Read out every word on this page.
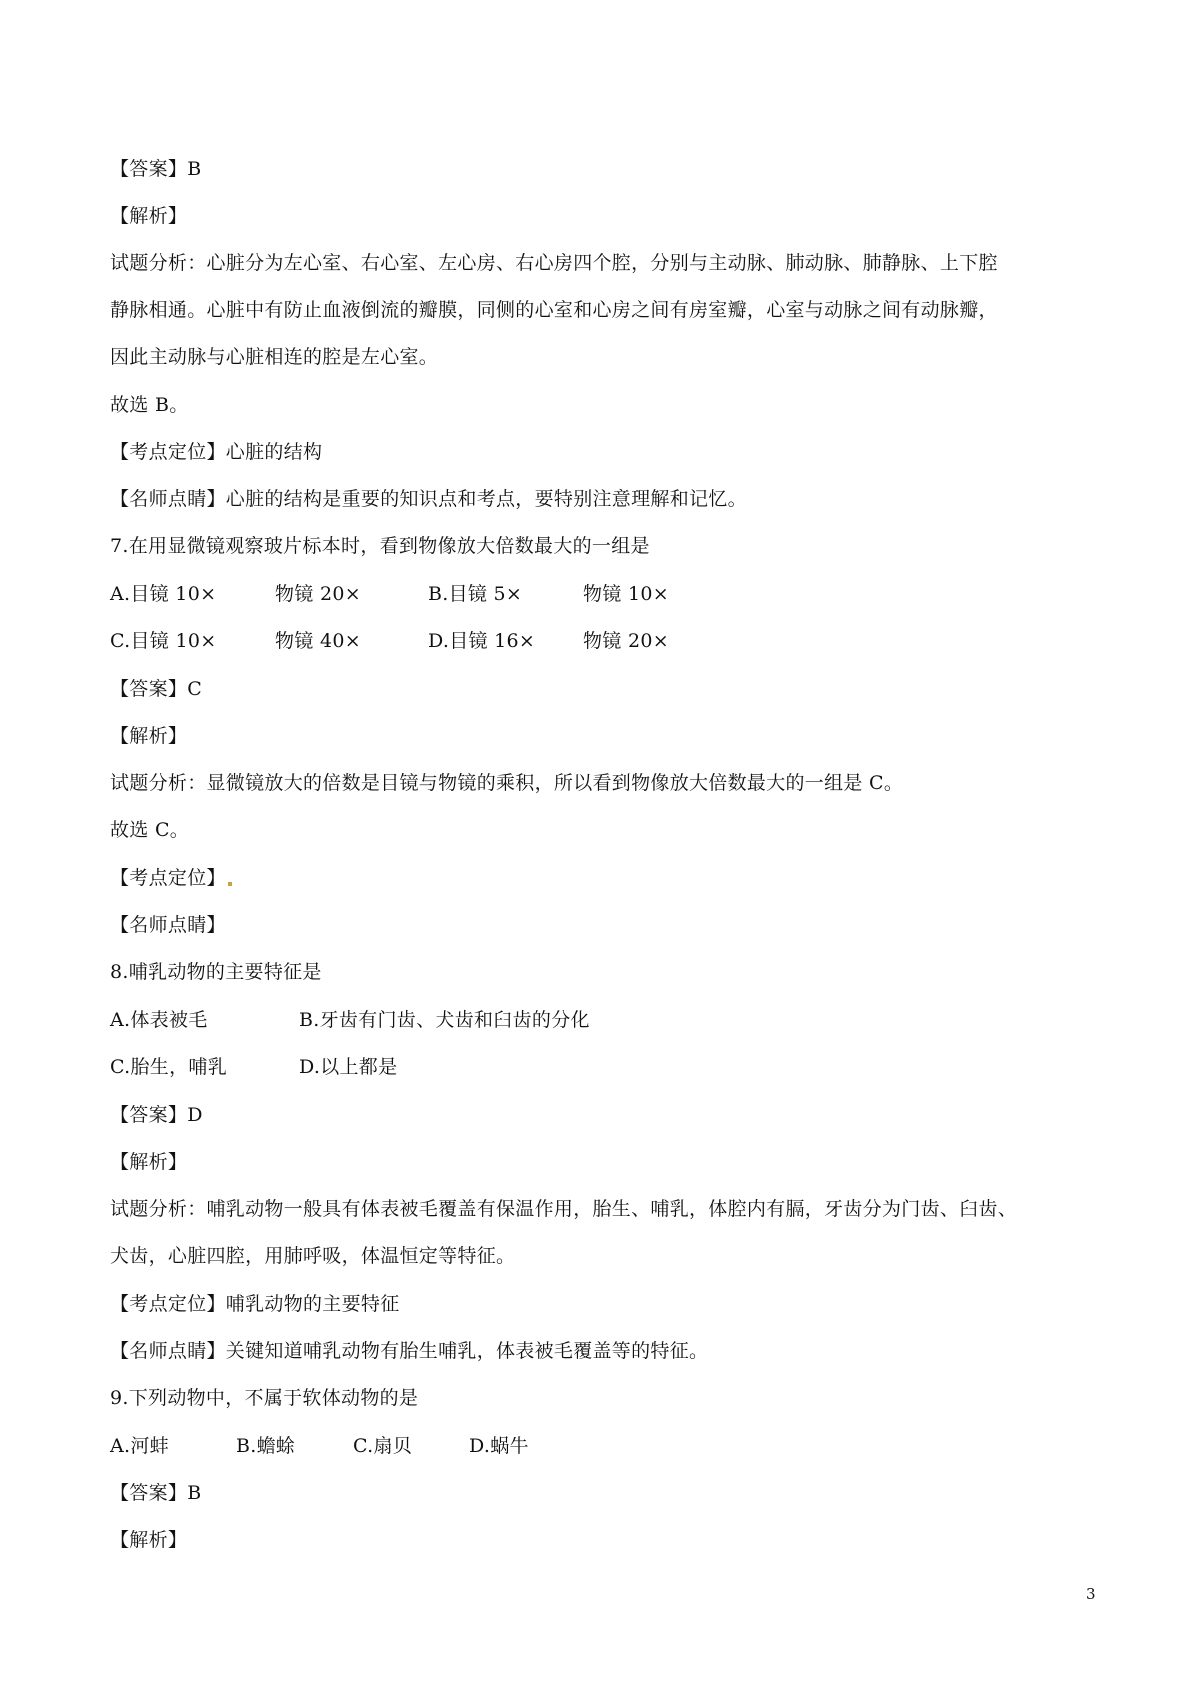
【答案】B
【解析】
试题分析：心脏分为左心室、右心室、左心房、右心房四个腔，分别与主动脉、肺动脉、肺静脉、上下腔
静脉相通。心脏中有防止血液倒流的瓣膜，同侧的心室和心房之间有房室瓣，心室与动脉之间有动脉瓣，
因此主动脉与心脏相连的腔是左心室。
故选 B。
【考点定位】心脏的结构
【名师点睛】心脏的结构是重要的知识点和考点，要特别注意理解和记忆。
7.在用显微镜观察玻片标本时，看到物像放大倍数最大的一组是
A.目镜 10×	物镜 20×	B.目镜 5×	物镜 10×
C.目镜 10×	物镜 40×	D.目镜 16×	物镜 20×
【答案】C
【解析】
试题分析：显微镜放大的倍数是目镜与物镜的乘积，所以看到物像放大倍数最大的一组是 C。
故选 C。
【考点定位】
【名师点睛】
8.哺乳动物的主要特征是
A.体表被毛	B.牙齿有门齿、犬齿和臼齿的分化
C.胎生，哺乳	D.以上都是
【答案】D
【解析】
试题分析：哺乳动物一般具有体表被毛覆盖有保温作用，胎生、哺乳，体腔内有膈，牙齿分为门齿、臼齿、
犬齿，心脏四腔，用肺呼吸，体温恒定等特征。
【考点定位】哺乳动物的主要特征
【名师点睛】关键知道哺乳动物有胎生哺乳，体表被毛覆盖等的特征。
9.下列动物中，不属于软体动物的是
A.河蚌	B.蟾蜍	C.扇贝	D.蜗牛
【答案】B
【解析】
3
